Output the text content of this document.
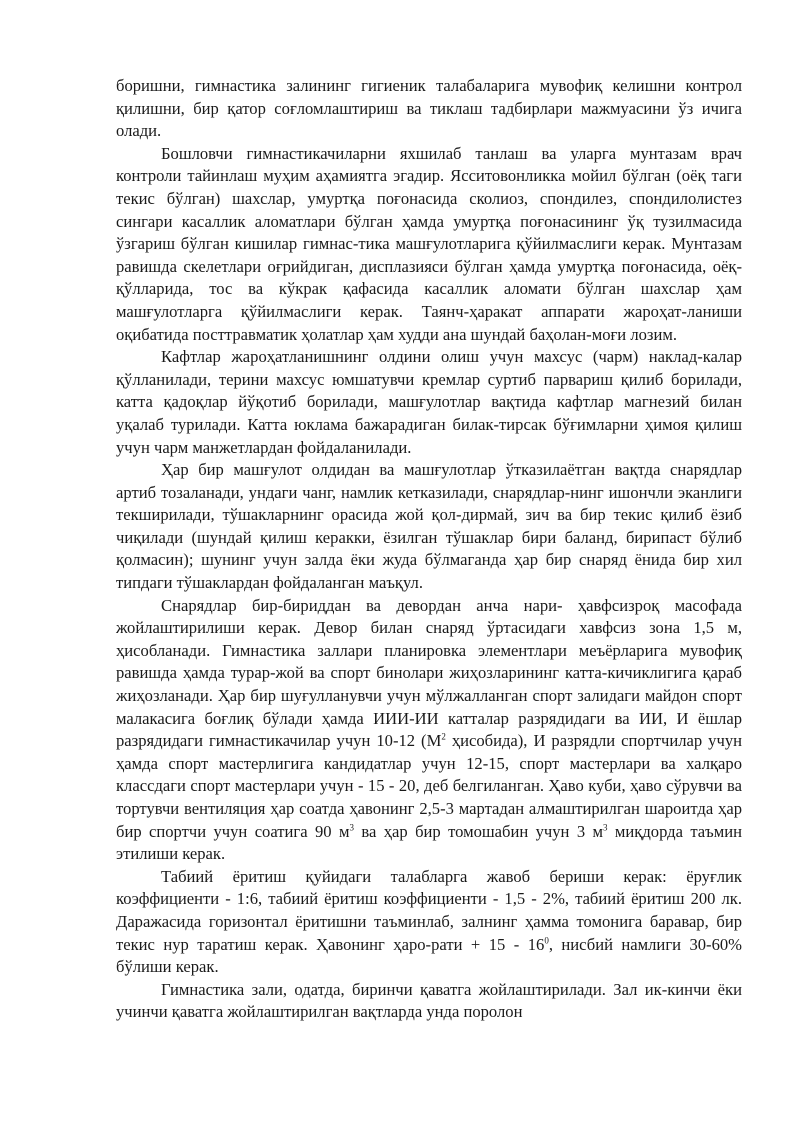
боришни, гимнастика залининг гигиеник талабаларига мувофиқ келишни контрол қилишни, бир қатор соғломлаштириш ва тиклаш тадбирлари мажмуасини ўз ичига олади.

Бошловчи гимнастикачиларни яхшилаб танлаш ва уларга мунтазам врач контроли тайинлаш муҳим аҳамиятга эгадир. Ясситовонликка мойил бўлган (оёқ таги текис бўлган) шахслар, умуртқа поғонасида сколиоз, спондилез, спондилолистез сингари касаллик аломатлари бўлган ҳамда умуртқа поғонасининг ўқ тузилмасида ўзгариш бўлган кишилар гимнас-тика машғулотларига қўйилмаслиги керак. Мунтазам равишда скелетлари оғрийдиган, дисплазияси бўлган ҳамда умуртқа поғонасида, оёқ-қўлларида, тос ва кўкрак қафасида касаллик аломати бўлган шахслар ҳам машғулотларга қўйилмаслиги керак. Таянч-ҳаракат аппарати жароҳат-ланиши оқибатида посттравматик ҳолатлар ҳам худди ана шундай баҳолан-моғи лозим.

Кафтлар жароҳатланишнинг олдини олиш учун махсус (чарм) наклад-калар қўлланилади, терини махсус юмшатувчи кремлар суртиб парвариш қилиб борилади, катта қадоқлар йўқотиб борилади, машғулотлар вақтида кафтлар магнезий билан уқалаб турилади. Катта юклама бажарадиган билак-тирсак бўғимларни ҳимоя қилиш учун чарм манжетлардан фойдаланилади.

Ҳар бир машғулот олдидан ва машғулотлар ўтказилаётган вақтда снарядлар артиб тозаланади, ундаги чанг, намлик кетказилади, снарядлар-нинг ишончли эканлиги текширилади, тўшакларнинг орасида жой қол-дирмай, зич ва бир текис қилиб ёзиб чиқилади (шундай қилиш керакки, ёзилган тўшаклар бири баланд, бирипаст бўлиб қолмасин); шунинг учун залда ёки жуда бўлмаганда ҳар бир снаряд ёнида бир хил типдаги тўшаклардан фойдаланган маъқул.

Снарядлар бир-бириддан ва девордан анча нари- ҳавфсизроқ масофада жойлаштирилиши керак. Девор билан снаряд ўртасидаги хавфсиз зона 1,5 м, ҳисобланади. Гимнастика заллари планировка элементлари меъёрларига мувофиқ равишда ҳамда турар-жой ва спорт бинолари жиҳозларининг катта-кичиклигига қараб жиҳозланади. Ҳар бир шуғулланувчи учун мўлжалланган спорт залидаги майдон спорт малакасига боғлиқ бўлади ҳамда ИИИ-ИИ катталар разрядидаги ва ИИ, И ёшлар разрядидаги гимнастикачилар учун 10-12 ($М^2$ ҳисобида), И разрядли спортчилар учун ҳамда спорт мастерлигига кандидатлар учун 12-15, спорт мастерлари ва халқаро классдаги спорт мастерлари учун - 15 - 20, деб белгиланган. Ҳаво куби, ҳаво сўрувчи ва тортувчи вентиляция ҳар соатда ҳавонинг 2,5-3 мартадан алмаштирилган шароитда ҳар бир спортчи учун соатига 90 $м^3$ ва ҳар бир томошабин учун 3 $м^3$ миқдорда таъмин этилиши керак.

Табиий ёритиш қуйидаги талабларга жавоб бериши керак: ёруғлик коэффициенти - 1:6, табиий ёритиш коэффициенти - 1,5 - 2%, табиий ёритиш 200 лк. Даражасида горизонтал ёритишни таъминлаб, залнинг ҳамма томонига баравар, бир текис нур таратиш керак. Ҳавонинг ҳаро-рати + $15 - 16^0$, нисбий намлиги 30-60% бўлиши керак.

Гимнастика зали, одатда, биринчи қаватга жойлаштирилади. Зал ик-кинчи ёки учинчи қаватга жойлаштирилган вақтларда унда поролон
